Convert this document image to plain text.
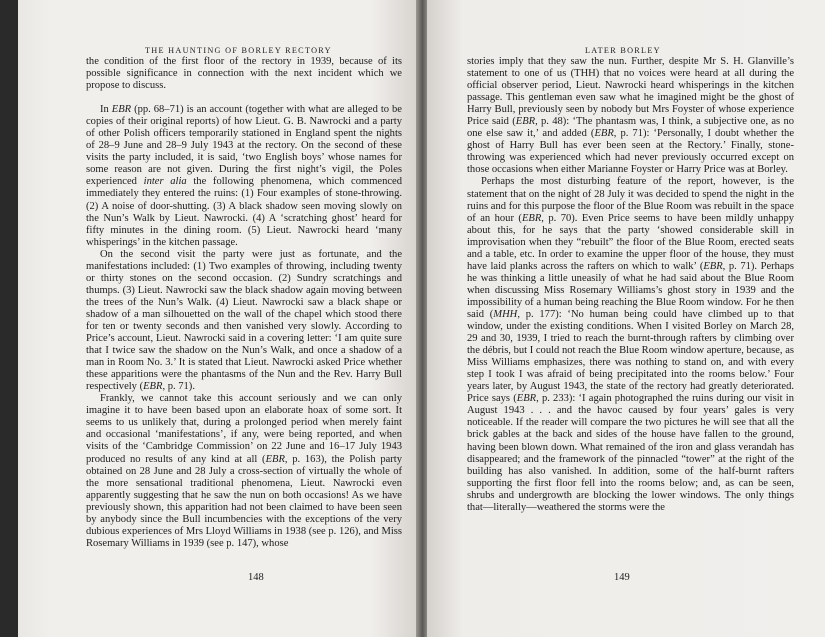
THE HAUNTING OF BORLEY RECTORY

the condition of the first floor of the rectory in 1939, because of its possible significance in connection with the next incident which we propose to discuss.

In EBR (pp. 68–71) is an account (together with what are alleged to be copies of their original reports) of how Lieut. G. B. Nawrocki and a party of other Polish officers temporarily stationed in England spent the nights of 28–9 June and 28–9 July 1943 at the rectory. On the second of these visits the party included, it is said, ‘two English boys’ whose names for some reason are not given. During the first night’s vigil, the Poles experienced inter alia the following phenomena, which commenced immediately they entered the ruins: (1) Four examples of stone-throwing. (2) A noise of door-shutting. (3) A black shadow seen moving slowly on the Nun’s Walk by Lieut. Nawrocki. (4) A ‘scratching ghost’ heard for fifty minutes in the dining room. (5) Lieut. Nawrocki heard ‘many whisperings’ in the kitchen passage.

On the second visit the party were just as fortunate, and the manifestations included: (1) Two examples of throwing, including twenty or thirty stones on the second occasion. (2) Sundry scratchings and thumps. (3) Lieut. Nawrocki saw the black shadow again moving between the trees of the Nun’s Walk. (4) Lieut. Nawrocki saw a black shape or shadow of a man silhouetted on the wall of the chapel which stood there for ten or twenty seconds and then vanished very slowly. According to Price’s account, Lieut. Nawrocki said in a covering letter: ‘I am quite sure that I twice saw the shadow on the Nun’s Walk, and once a shadow of a man in Room No. 3.’ It is stated that Lieut. Nawrocki asked Price whether these apparitions were the phantasms of the Nun and the Rev. Harry Bull respectively (EBR, p. 71).

Frankly, we cannot take this account seriously and we can only imagine it to have been based upon an elaborate hoax of some sort. It seems to us unlikely that, during a prolonged period when merely faint and occasional ‘manifestations’, if any, were being reported, and when visits of the ‘Cambridge Commission’ on 22 June and 16–17 July 1943 produced no results of any kind at all (EBR, p. 163), the Polish party obtained on 28 June and 28 July a cross-section of virtually the whole of the more sensational traditional phenomena, Lieut. Nawrocki even apparently suggesting that he saw the nun on both occasions! As we have previously shown, this apparition had not been claimed to have been seen by anybody since the Bull incumbencies with the exceptions of the very dubious experiences of Mrs Lloyd Williams in 1938 (see p. 126), and Miss Rosemary Williams in 1939 (see p. 147), whose

148
LATER BORLEY

stories imply that they saw the nun. Further, despite Mr S. H. Glanville’s statement to one of us (THH) that no voices were heard at all during the official observer period, Lieut. Nawrocki heard whisperings in the kitchen passage. This gentleman even saw what he imagined might be the ghost of Harry Bull, previously seen by nobody but Mrs Foyster of whose experience Price said (EBR, p. 48): ‘The phantasm was, I think, a subjective one, as no one else saw it,’ and added (EBR, p. 71): ‘Personally, I doubt whether the ghost of Harry Bull has ever been seen at the Rectory.’ Finally, stone-throwing was experienced which had never previously occurred except on those occasions when either Marianne Foyster or Harry Price was at Borley.

Perhaps the most disturbing feature of the report, however, is the statement that on the night of 28 July it was decided to spend the night in the ruins and for this purpose the floor of the Blue Room was rebuilt in the space of an hour (EBR, p. 70). Even Price seems to have been mildly unhappy about this, for he says that the party ‘showed considerable skill in improvisation when they “rebuilt” the floor of the Blue Room, erected seats and a table, etc. In order to examine the upper floor of the house, they must have laid planks across the rafters on which to walk’ (EBR, p. 71). Perhaps he was thinking a little uneasily of what he had said about the Blue Room when discussing Miss Rosemary Williams’s ghost story in 1939 and the impossibility of a human being reaching the Blue Room window. For he then said (MHH, p. 177): ‘No human being could have climbed up to that window, under the existing conditions. When I visited Borley on March 28, 29 and 30, 1939, I tried to reach the burnt-through rafters by climbing over the débris, but I could not reach the Blue Room window aperture, because, as Miss Williams emphasizes, there was nothing to stand on, and with every step I took I was afraid of being precipitated into the rooms below.’ Four years later, by August 1943, the state of the rectory had greatly deteriorated. Price says (EBR, p. 233): ‘I again photographed the ruins during our visit in August 1943 . . . and the havoc caused by four years’ gales is very noticeable. If the reader will compare the two pictures he will see that all the brick gables at the back and sides of the house have fallen to the ground, having been blown down. What remained of the iron and glass verandah has disappeared; and the framework of the pinnacled “tower” at the right of the building has also vanished. In addition, some of the half-burnt rafters supporting the first floor fell into the rooms below; and, as can be seen, shrubs and undergrowth are blocking the lower windows. The only things that—literally—weathered the storms were the

149
